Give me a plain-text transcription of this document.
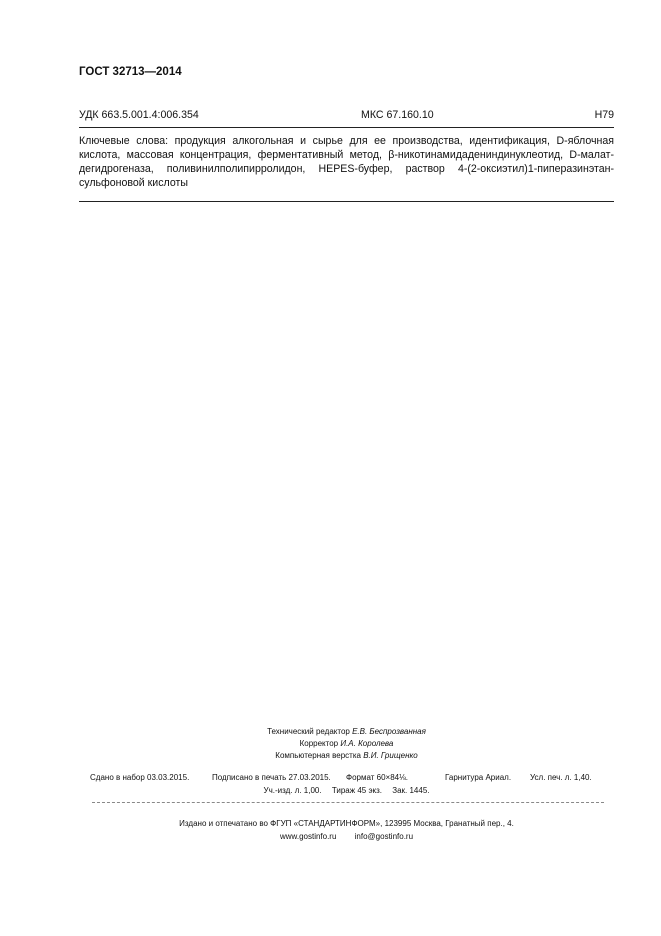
ГОСТ 32713—2014
УДК 663.5.001.4:006.354	МКС 67.160.10	Н79
Ключевые слова: продукция алкогольная и сырье для ее производства, идентификация, D-яблочная
кислота, массовая концентрация, ферментативный метод, β-никотинамидадениндинуклеотид, D-малат-
дегидрогеназа, поливинилполипирролидон, HEPES-буфер, раствор 4-(2-оксиэтил)1-пиперазинэтан-
сульфоновой кислоты
Технический редактор Е.В. Беспрозванная
Корректор И.А. Королева
Компьютерная верстка В.И. Грищенко
Сдано в набор 03.03.2015.	Подписано в печать 27.03.2015. Формат 60×84⅛.	Гарнитура Ариал. Усл. печ. л. 1,40.
Уч.-изд. л. 1,00. Тираж 45 экз. Зак. 1445.
Издано и отпечатано во ФГУП «СТАНДАРТИНФОРМ», 123995 Москва, Гранатный пер., 4.
www.gostinfo.ru info@gostinfo.ru
